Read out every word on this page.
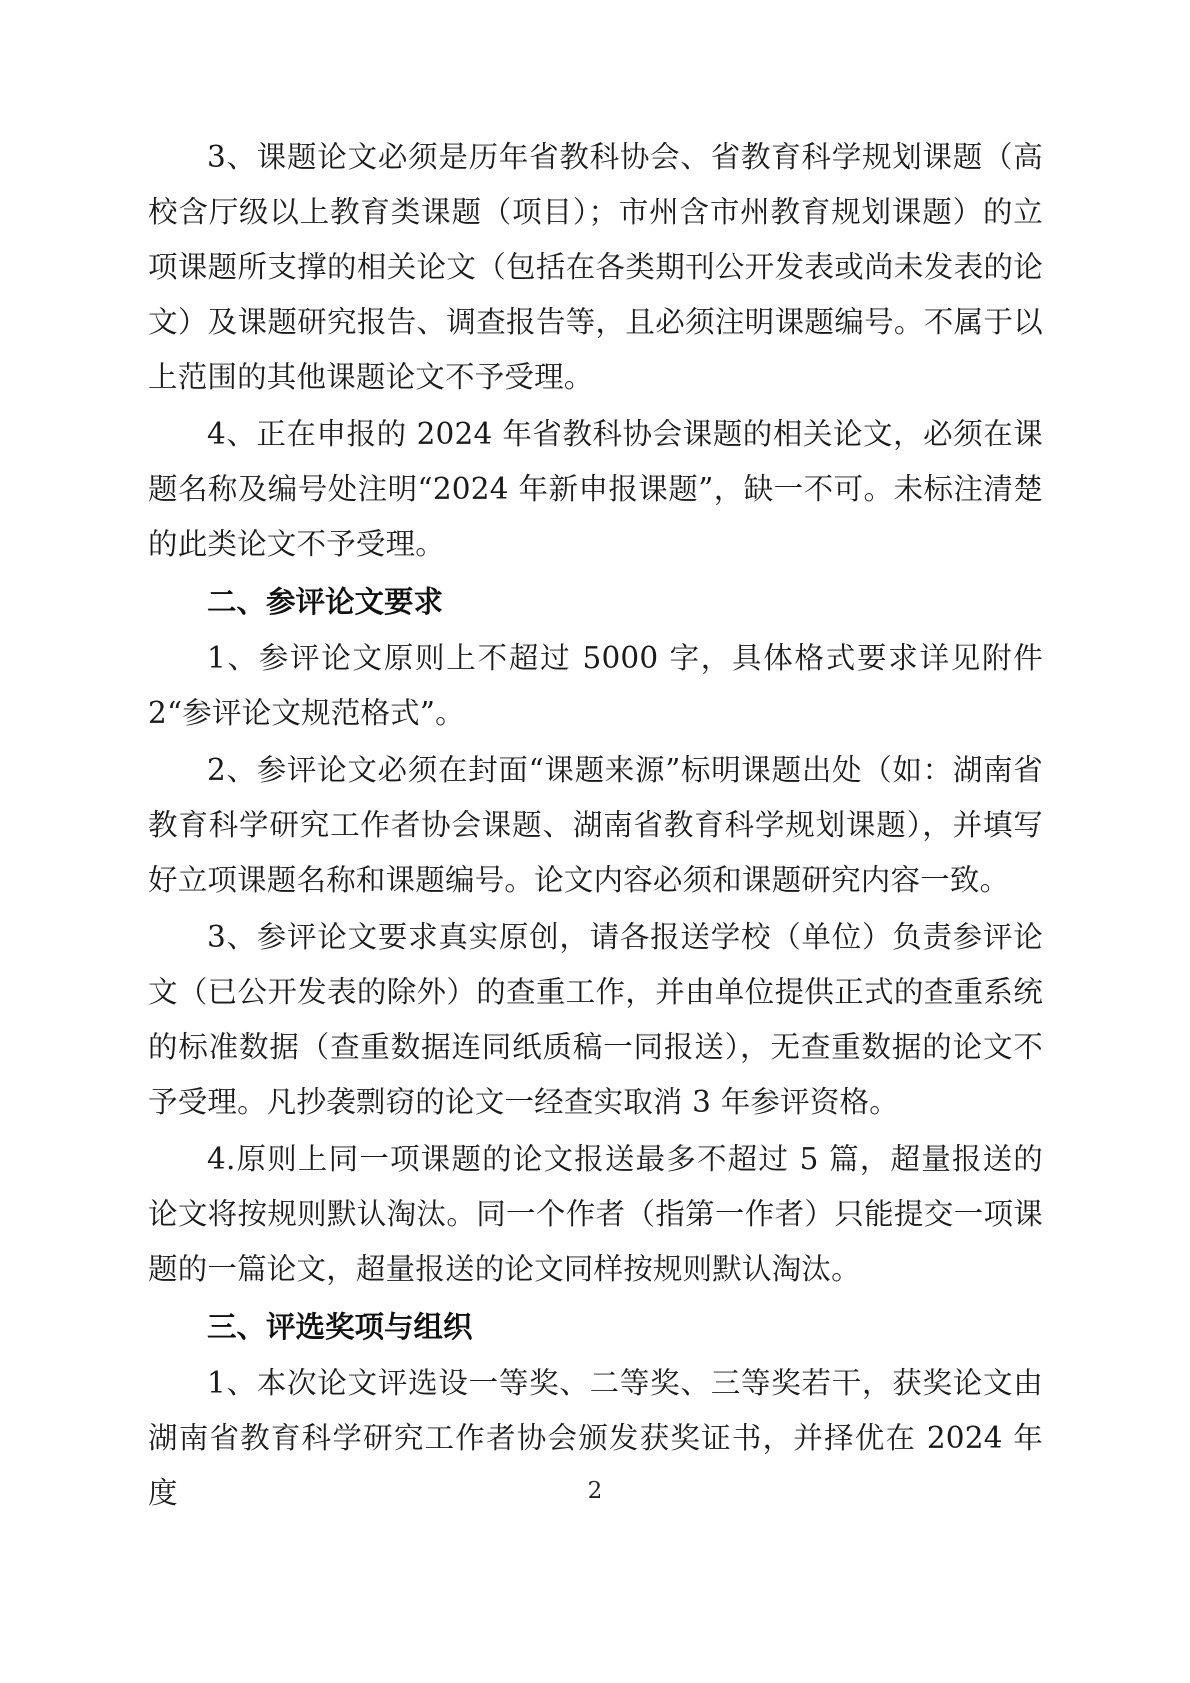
3、课题论文必须是历年省教科协会、省教育科学规划课题（高校含厅级以上教育类课题（项目）；市州含市州教育规划课题）的立项课题所支撑的相关论文（包括在各类期刊公开发表或尚未发表的论文）及课题研究报告、调查报告等，且必须注明课题编号。不属于以上范围的其他课题论文不予受理。

4、正在申报的 2024 年省教科协会课题的相关论文，必须在课题名称及编号处注明“2024 年新申报课题”，缺一不可。未标注清楚的此类论文不予受理。

二、参评论文要求

1、参评论文原则上不超过 5000 字，具体格式要求详见附件 2“参评论文规范格式”。

2、参评论文必须在封面“课题来源”标明课题出处（如：湖南省教育科学研究工作者协会课题、湖南省教育科学规划课题），并填写好立项课题名称和课题编号。论文内容必须和课题研究内容一致。

3、参评论文要求真实原创，请各报送学校（单位）负责参评论文（已公开发表的除外）的查重工作，并由单位提供正式的查重系统的标准数据（查重数据连同纸质稿一同报送），无查重数据的论文不予受理。凡抄袭剽窃的论文一经查实取消 3 年参评资格。

4.原则上同一项课题的论文报送最多不超过 5 篇，超量报送的论文将按规则默认淘汰。同一个作者（指第一作者）只能提交一项课题的一篇论文，超量报送的论文同样按规则默认淘汰。

三、评选奖项与组织

1、本次论文评选设一等奖、二等奖、三等奖若干，获奖论文由湖南省教育科学研究工作者协会颁发获奖证书，并择优在 2024 年度	2
